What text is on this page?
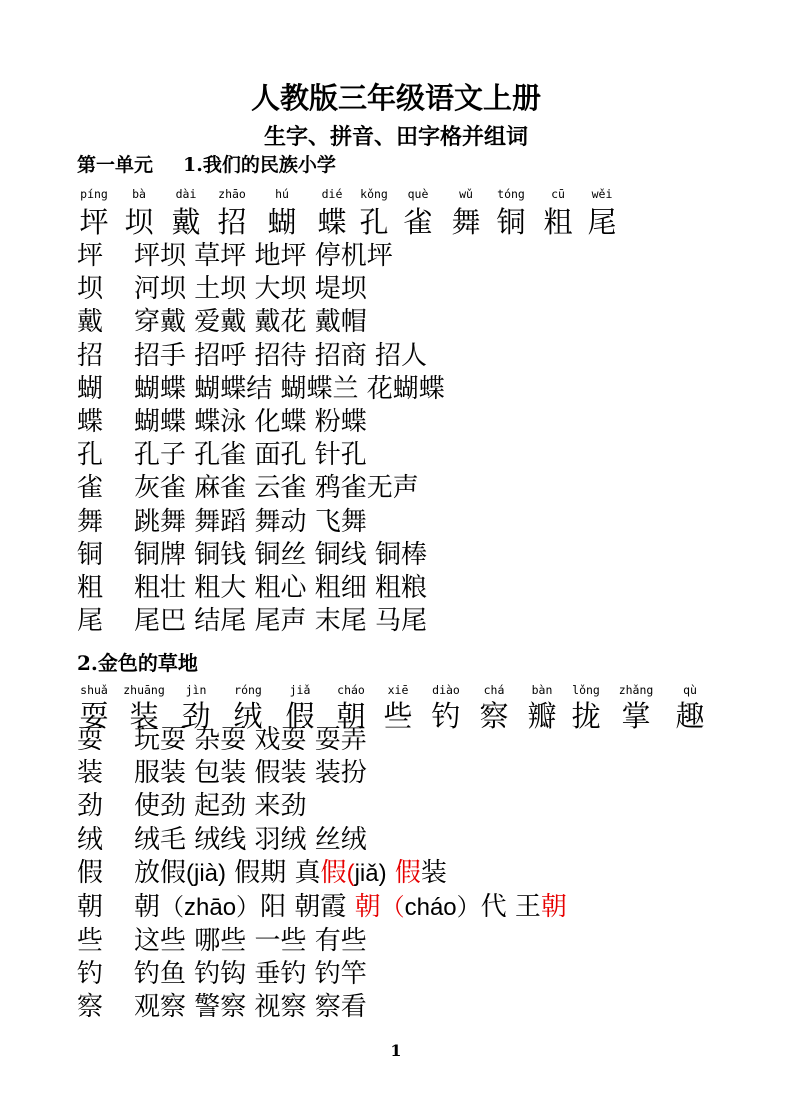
人教版三年级语文上册
生字、拼音、田字格并组词
第一单元 1.我们的民族小学
píng bà	dài zhāo	hú	dié kǒng què	wǔ tóng cū wěi
坪 坝 戴 招 蝴 蝶 孔 雀 舞 铜 粗 尾
坪 坪坝 草坪 地坪 停机坪
坝 河坝 土坝 大坝 堤坝
戴 穿戴 爱戴 戴花 戴帽
招 招手 招呼 招待 招商 招人
蝴 蝴蝶 蝴蝶结 蝴蝶兰 花蝴蝶
蝶 蝴蝶 蝶泳 化蝶 粉蝶
孔 孔子 孔雀 面孔 针孔
雀 灰雀 麻雀 云雀 鸦雀无声
舞 跳舞 舞蹈 舞动 飞舞
铜 铜牌 铜钱 铜丝 铜线 铜棒
粗 粗壮 粗大 粗心 粗细 粗粮
尾 尾巴 结尾 尾声 末尾 马尾
2.金色的草地
shuǎ zhuāng jìn róng jiǎ cháo xiē diào chá bàn lǒng zhǎng	qù
耍 装 劲 绒 假 朝 些 钓 察 瓣 拢 掌 趣
耍 玩耍 杂耍 戏耍 耍弄
装 服装 包装 假装 装扮
劲 使劲 起劲 来劲
绒 绒毛 绒线 羽绒 丝绒
假 放假(jià) 假期 真假(jiǎ) 假装
朝 朝（zhāo）阳 朝霞 朝（cháo）代 王朝
些 这些 哪些 一些 有些
钓 钓鱼 钓钩 垂钓 钓竿
察 观察 警察 视察 察看
1
